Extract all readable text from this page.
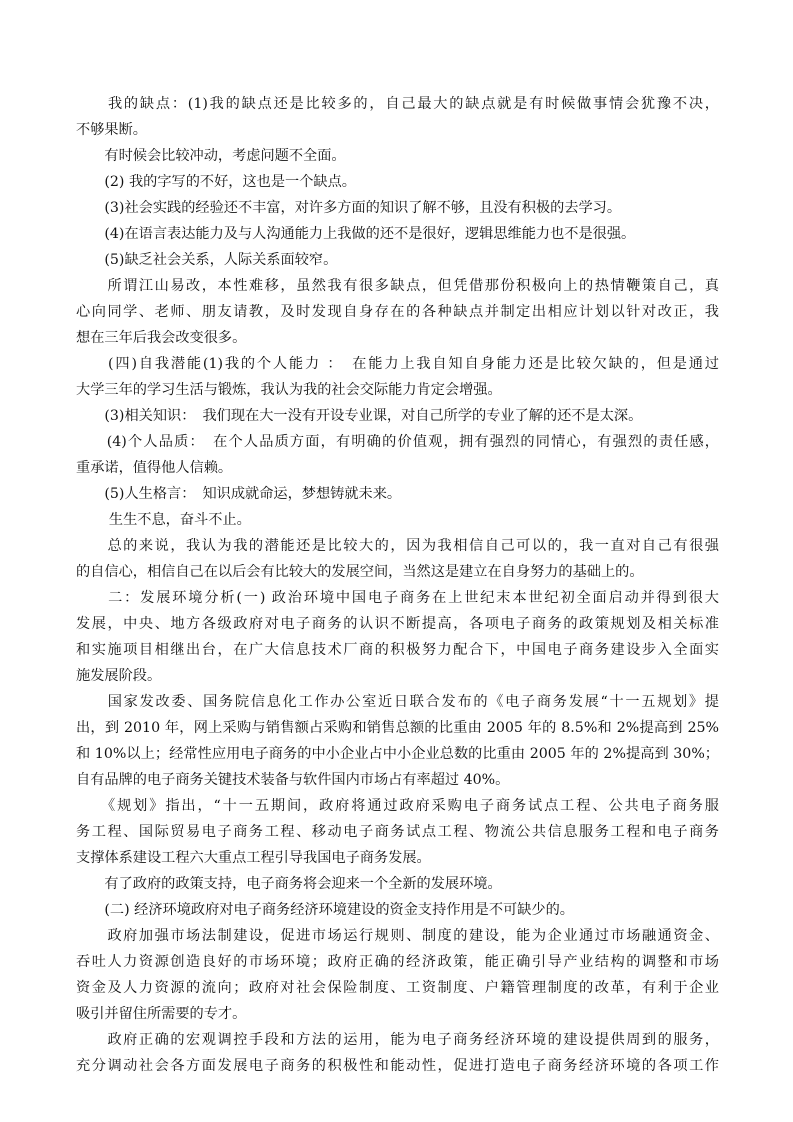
　　我的缺点：(1)我的缺点还是比较多的，自己最大的缺点就是有时候做事情会犹豫不决，
不够果断。
　　有时候会比较冲动，考虑问题不全面。
　　(2) 我的字写的不好，这也是一个缺点。
　　(3)社会实践的经验还不丰富，对许多方面的知识了解不够，且没有积极的去学习。
　　(4)在语言表达能力及与人沟通能力上我做的还不是很好，逻辑思维能力也不是很强。
　　(5)缺乏社会关系，人际关系面较窄。
　　所谓江山易改，本性难移，虽然我有很多缺点，但凭借那份积极向上的热情鞭策自己，真
心向同学、老师、朋友请教，及时发现自身存在的各种缺点并制定出相应计划以针对改正，我
想在三年后我会改变很多。
　　(四)自我潜能(1)我的个人能力 ：　在能力上我自知自身能力还是比较欠缺的，但是通过
大学三年的学习生活与锻炼，我认为我的社会交际能力肯定会增强。
　　(3)相关知识：　我们现在大一没有开设专业课，对自己所学的专业了解的还不是太深。
　　(4)个人品质：　在个人品质方面，有明确的价值观，拥有强烈的同情心，有强烈的责任感，
重承诺，值得他人信赖。
　　(5)人生格言：　知识成就命运，梦想铸就未来。
　　 生生不息，奋斗不止。
　　总的来说，我认为我的潜能还是比较大的，因为我相信自己可以的，我一直对自己有很强
的自信心，相信自己在以后会有比较大的发展空间，当然这是建立在自身努力的基础上的。
　　二：发展环境分析(一) 政治环境中国电子商务在上世纪末本世纪初全面启动并得到很大
发展，中央、地方各级政府对电子商务的认识不断提高，各项电子商务的政策规划及相关标准
和实施项目相继出台，在广大信息技术厂商的积极努力配合下，中国电子商务建设步入全面实
施发展阶段。
　　国家发改委、国务院信息化工作办公室近日联合发布的《电子商务发展“十一五规划》提
出，到 2010 年，网上采购与销售额占采购和销售总额的比重由 2005 年的 8.5%和 2%提高到 25%
和 10%以上；经常性应用电子商务的中小企业占中小企业总数的比重由 2005 年的 2%提高到 30%；
自有品牌的电子商务关键技术装备与软件国内市场占有率超过 40%。
　　《规划》指出，“十一五期间，政府将通过政府采购电子商务试点工程、公共电子商务服
务工程、国际贸易电子商务工程、移动电子商务试点工程、物流公共信息服务工程和电子商务
支撑体系建设工程六大重点工程引导我国电子商务发展。
　　有了政府的政策支持，电子商务将会迎来一个全新的发展环境。
　　(二) 经济环境政府对电子商务经济环境建设的资金支持作用是不可缺少的。
　　政府加强市场法制建设，促进市场运行规则、制度的建设，能为企业通过市场融通资金、
吞吐人力资源创造良好的市场环境；政府正确的经济政策，能正确引导产业结构的调整和市场
资金及人力资源的流向；政府对社会保险制度、工资制度、户籍管理制度的改革，有利于企业
吸引并留住所需要的专才。
　　政府正确的宏观调控手段和方法的运用，能为电子商务经济环境的建设提供周到的服务，
充分调动社会各方面发展电子商务的积极性和能动性，促进打造电子商务经济环境的各项工作
